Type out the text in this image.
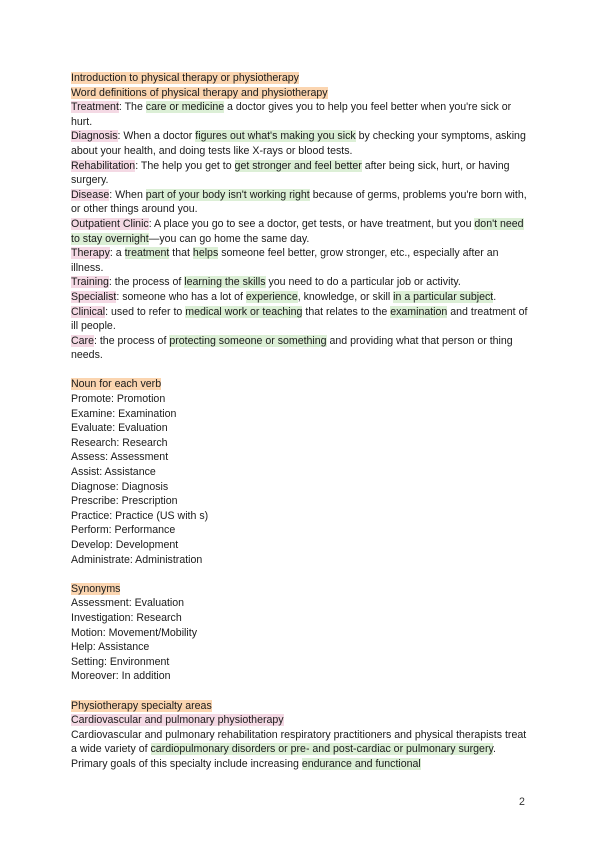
Introduction to physical therapy or physiotherapy

Word definitions of physical therapy and physiotherapy

Treatment: The care or medicine a doctor gives you to help you feel better when you're sick or hurt.

Diagnosis: When a doctor figures out what's making you sick by checking your symptoms, asking about your health, and doing tests like X-rays or blood tests.

Rehabilitation: The help you get to get stronger and feel better after being sick, hurt, or having surgery.

Disease: When part of your body isn't working right because of germs, problems you're born with, or other things around you.

Outpatient Clinic: A place you go to see a doctor, get tests, or have treatment, but you don't need to stay overnight—you can go home the same day.

Therapy: a treatment that helps someone feel better, grow stronger, etc., especially after an illness.

Training: the process of learning the skills you need to do a particular job or activity.

Specialist: someone who has a lot of experience, knowledge, or skill in a particular subject.

Clinical: used to refer to medical work or teaching that relates to the examination and treatment of ill people.

Care: the process of protecting someone or something and providing what that person or thing needs.

Noun for each verb

Promote: Promotion

Examine: Examination

Evaluate: Evaluation

Research: Research

Assess: Assessment

Assist: Assistance

Diagnose: Diagnosis

Prescribe: Prescription

Practice: Practice (US with s)

Perform: Performance

Develop: Development

Administrate: Administration

Synonyms

Assessment: Evaluation

Investigation: Research

Motion: Movement/Mobility

Help: Assistance

Setting: Environment

Moreover: In addition

Physiotherapy specialty areas

Cardiovascular and pulmonary physiotherapy

Cardiovascular and pulmonary rehabilitation respiratory practitioners and physical therapists treat a wide variety of cardiopulmonary disorders or pre- and post-cardiac or pulmonary surgery. Primary goals of this specialty include increasing endurance and functional

2
